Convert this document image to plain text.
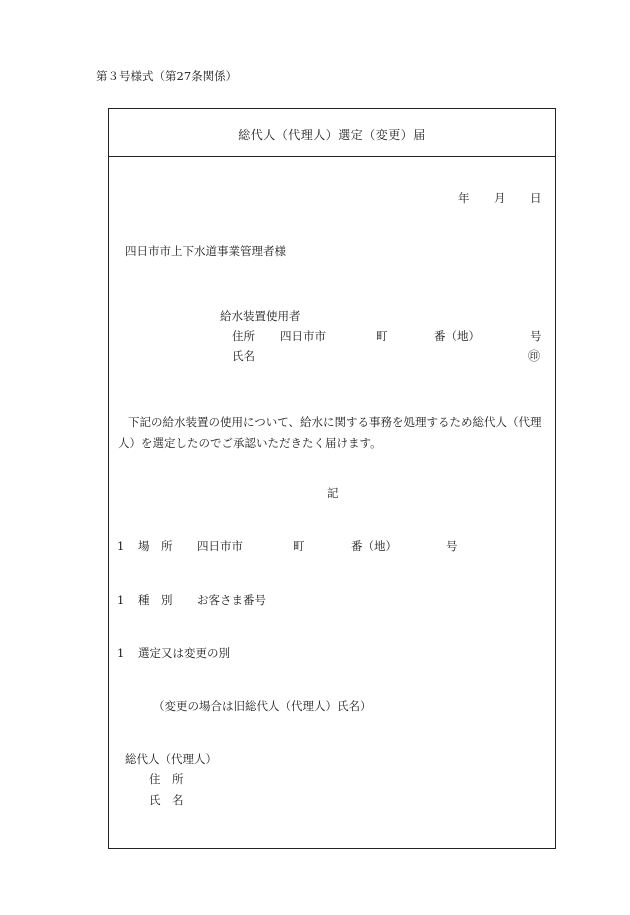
第３号様式（第27条関係）
総代人（代理人）選定（変更）届
年 月 日
四日市市上下水道事業管理者様
給水装置使用者
住所 四日市市	町	番（地）	号
氏名	㊞
下記の給水装置の使用について、給水に関する事務を処理するため総代人（代理人）を選定したのでご承認いただきたく届けます。
記
1 場　所 四日市市	町	番（地）	号
1 種　別 お客さま番号
1 選定又は変更の別
（変更の場合は旧総代人（代理人）氏名）
総代人（代理人）
住　所
氏　名
